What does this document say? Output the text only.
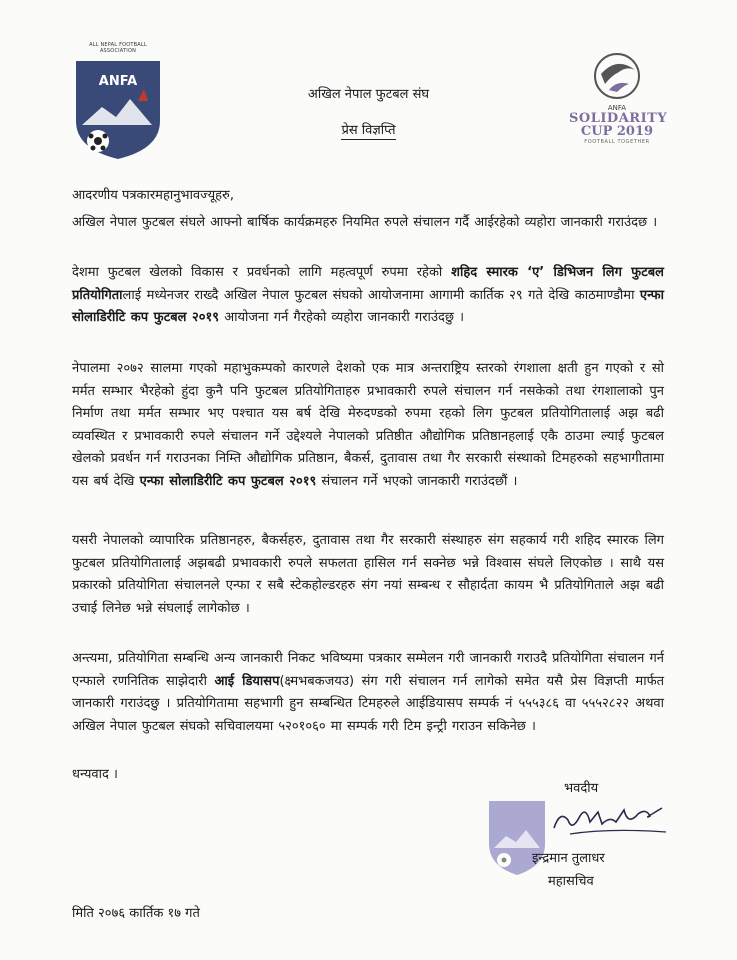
ALL NEPAL FOOTBALL ASSOCIATION
ANFA
अखिल नेपाल फुटबल संघ
प्रेस विज्ञप्ति
ANFA
SOLIDARITY
CUP 2019
FOOTBALL TOGETHER
आदरणीय पत्रकारमहानुभावज्यूहरु,
अखिल नेपाल फुटबल संघले आफ्नो बार्षिक कार्यक्रमहरु नियमित रुपले संचालन गर्दै आईरहेको व्यहोरा जानकारी गराउंदछ ।
देशमा फुटबल खेलको विकास र प्रवर्धनको लागि महत्वपूर्ण रुपमा रहेको शहिद स्मारक ‘ए’ डिभिजन लिग फुटबल प्रतियोगितालाई मध्येनजर राख्दै अखिल नेपाल फुटबल संघको आयोजनामा आगामी कार्तिक २९ गते देखि काठमाण्डौमा एन्फा सोलाडिरीटि कप फुटबल २०१९ आयोजना गर्न गैरहेको व्यहोरा जानकारी गराउंदछु ।
नेपालमा २०७२ सालमा गएको महाभुकम्पको कारणले देशको एक मात्र अन्तराष्ट्रिय स्तरको रंगशाला क्षती हुन गएको र सो मर्मत सम्भार भैरहेको हुंदा कुनै पनि फुटबल प्रतियोगिताहरु प्रभावकारी रुपले संचालन गर्न नसकेको तथा रंगशालाको पुन निर्माण तथा मर्मत सम्भार भए पश्चात यस बर्ष देखि मेरुदण्डको रुपमा रहको लिग फुटबल प्रतियोगितालाई अझ बढी व्यवस्थित र प्रभावकारी रुपले संचालन गर्ने उद्देश्यले नेपालको प्रतिष्ठीत औद्योगिक प्रतिष्ठानहलाई एकै ठाउमा ल्याई फुटबल खेलको प्रवर्धन गर्न गराउनका निम्ति औद्योगिक प्रतिष्ठान, बैकर्स, दुतावास तथा गैर सरकारी संस्थाको टिमहरुको सहभागीतामा यस बर्ष देखि एन्फा सोलाडिरीटि कप फुटबल २०१९ संचालन गर्ने भएको जानकारी गराउंदछौं ।
यसरी नेपालको व्यापारिक प्रतिष्ठानहरु, बैकर्सहरु, दुतावास तथा गैर सरकारी संस्थाहरु संग सहकार्य गरी शहिद स्मारक लिग फुटबल प्रतियोगितालाई अझबढी प्रभावकारी रुपले सफलता हासिल गर्न सक्नेछ भन्ने विश्वास संघले लिएकोछ । साथै यस प्रकारको प्रतियोगिता संचालनले एन्फा र सबै स्टेकहोल्डरहरु संग नयां सम्बन्ध र सौहार्दता कायम भै प्रतियोगिताले अझ बढी उचाई लिनेछ भन्ने संघलाई लागेकोछ ।
अन्त्यमा, प्रतियोगिता सम्बन्धि अन्य जानकारी निकट भविष्यमा पत्रकार सम्मेलन गरी जानकारी गराउदै प्रतियोगिता संचालन गर्न एन्फाले रणनितिक साझेदारी आई डियासप(क्ष्मभबकजयउ) संग गरी संचालन गर्न लागेको समेत यसै प्रेस विज्ञप्ती मार्फत जानकारी गराउंदछु । प्रतियोगितामा सहभागी हुन सम्बन्धित टिमहरुले आईडियासप सम्पर्क नं ५५५३८६ वा ५५५२८२२ अथवा अखिल नेपाल फुटबल संघको सचिवालयमा ५२०१०६० मा सम्पर्क गरी टिम इन्ट्री गराउन सकिनेछ ।
धन्यवाद ।
भवदीय
इन्द्रमान तुलाधर
महासचिव
मिति २०७६ कार्तिक १७ गते
